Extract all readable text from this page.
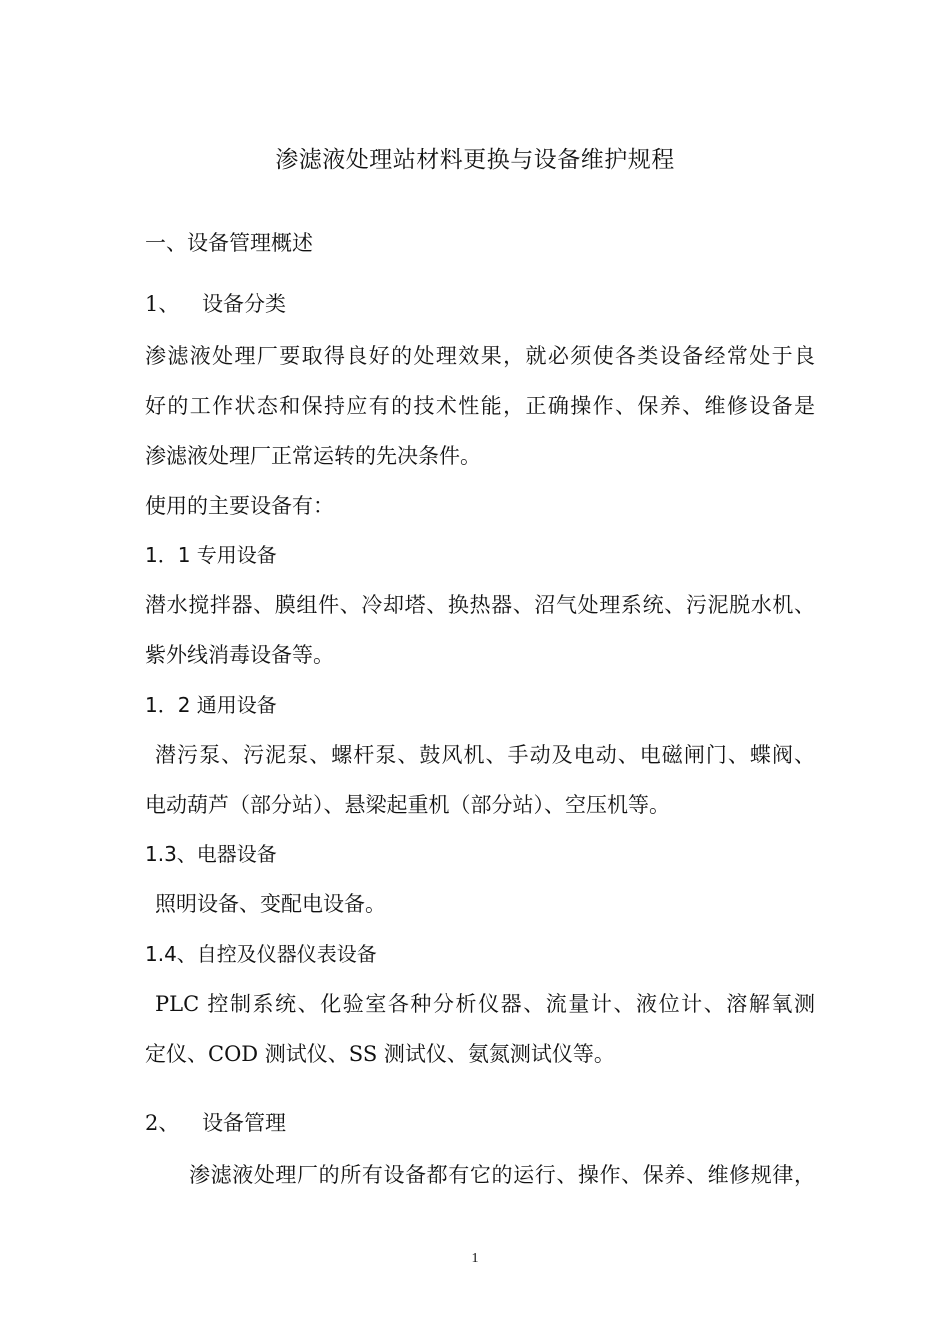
渗滤液处理站材料更换与设备维护规程
一、设备管理概述
1、 设备分类
渗滤液处理厂要取得良好的处理效果，就必须使各类设备经常处于良
好的工作状态和保持应有的技术性能，正确操作、保养、维修设备是
渗滤液处理厂正常运转的先决条件。
使用的主要设备有：
1．1 专用设备
潜水搅拌器、膜组件、冷却塔、换热器、沼气处理系统、污泥脱水机、
紫外线消毒设备等。
1．2 通用设备
潜污泵、污泥泵、螺杆泵、鼓风机、手动及电动、电磁闸门、蝶阀、
电动葫芦（部分站）、悬梁起重机（部分站）、空压机等。
1.3、电器设备
照明设备、变配电设备。
1.4、自控及仪器仪表设备
PLC 控制系统、化验室各种分析仪器、流量计、液位计、溶解氧测
定仪、COD 测试仪、SS 测试仪、氨氮测试仪等。
2、 设备管理
渗滤液处理厂的所有设备都有它的运行、操作、保养、维修规律，
1
